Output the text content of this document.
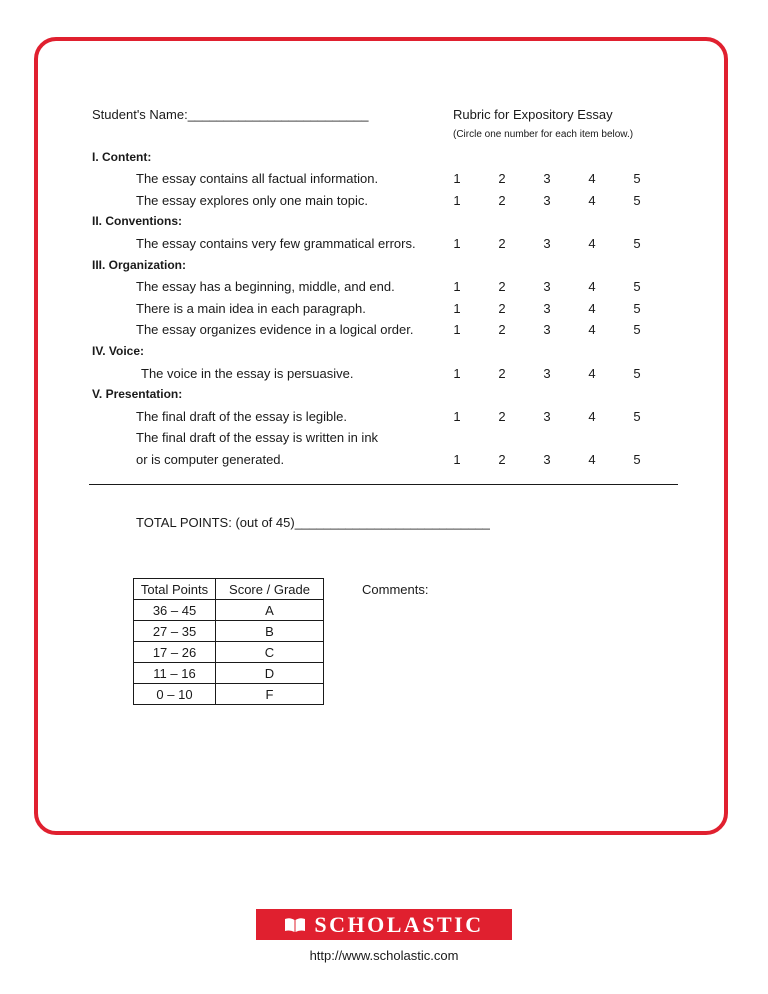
Student's Name:_________________________	Rubric for Expository Essay
(Circle one number for each item below.)
I. Content:
The essay contains all factual information.	1	2	3	4	5
The essay explores only one main topic.	1	2	3	4	5
II. Conventions:
The essay contains very few grammatical errors.	1	2	3	4	5
III. Organization:
The essay has a beginning, middle, and end.	1	2	3	4	5
There is a main idea in each paragraph.	1	2	3	4	5
The essay organizes evidence in a logical order.	1	2	3	4	5
IV. Voice:
The voice in the essay is persuasive.	1	2	3	4	5
V. Presentation:
The final draft of the essay is legible.	1	2	3	4	5
The final draft of the essay is written in ink
or is computer generated.	1	2	3	4	5
TOTAL POINTS: (out of 45)___________________________
Total Points	Score / Grade
36 – 45	A
27 – 35	B
17 – 26	C
11 – 16	D
0 – 10	F
Comments:
SCHOLASTIC
http://www.scholastic.com
